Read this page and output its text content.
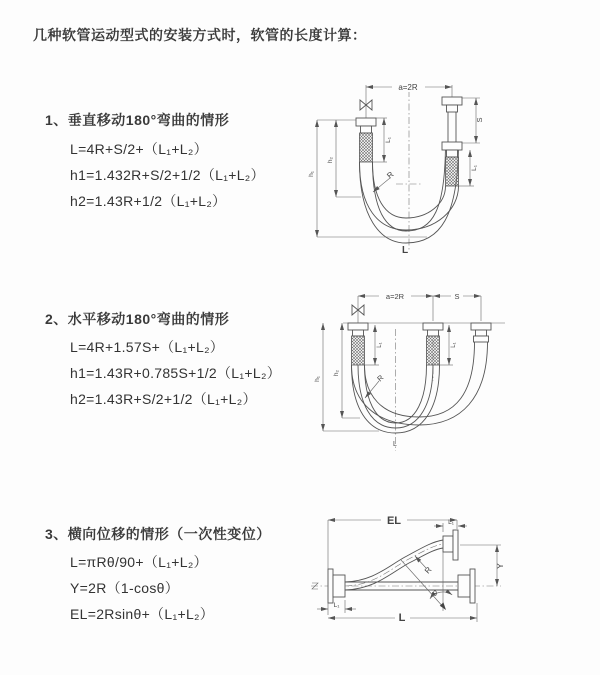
几种软管运动型式的安装方式时，软管的长度计算：
1、垂直移动180°弯曲的情形
L=4R+S/2+（L₁+L₂）
h1=1.432R+S/2+1/2（L₁+L₂）
h2=1.43R+1/2（L₁+L₂）
2、水平移动180°弯曲的情形
L=4R+1.57S+（L₁+L₂）
h1=1.43R+0.785S+1/2（L₁+L₂）
h2=1.43R+S/2+1/2（L₁+L₂）
3、横向位移的情形（一次性变位）
L=πRθ/90+（L₁+L₂）
Y=2R（1-cosθ）
EL=2Rsinθ+（L₁+L₂）
a=2R
S
L₁
L₁
h₁
h₂
R
L
a=2R	S
L₁	L₁
h₁
h₂	R
L
EL	L₁
L₁
Y
θ
R
L
